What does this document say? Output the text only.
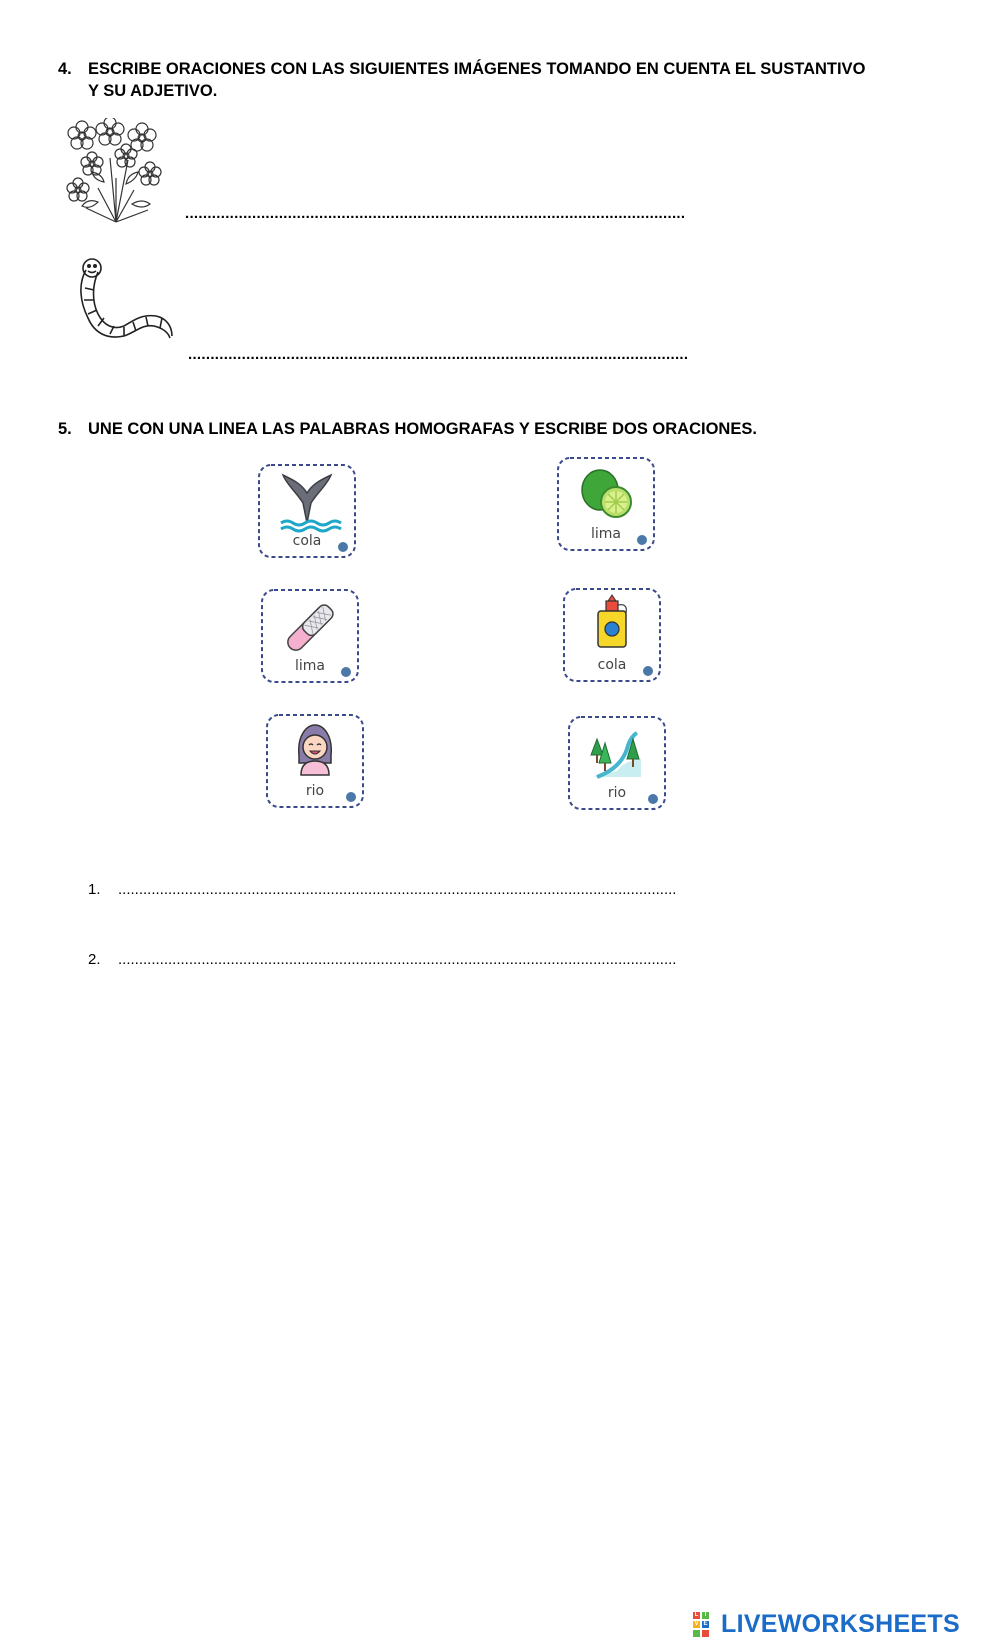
4. ESCRIBE ORACIONES CON LAS SIGUIENTES IMÁGENES TOMANDO EN CUENTA EL SUSTANTIVO
Y SU ADJETIVO.
................................................................................................................
................................................................................................................
5. UNE CON UNA LINEA LAS PALABRAS HOMOGRAFAS Y ESCRIBE DOS ORACIONES.
cola
lima
rio
lima
cola
rio
1. ......................................................................................................................................
2. ......................................................................................................................................
L	I
V E LIVEWORKSHEETS
